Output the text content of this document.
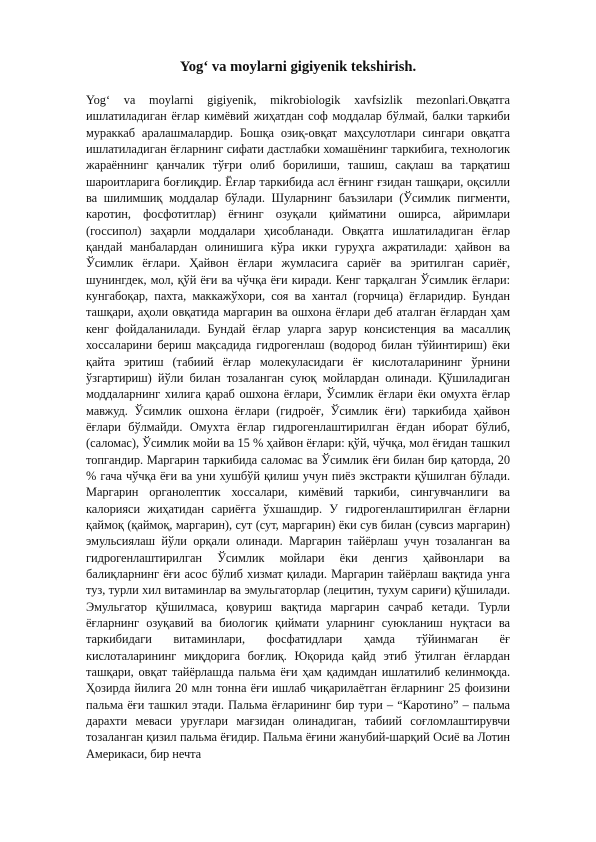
Yog‘ va moylarni gigiyenik tekshirish.

Yog‘ va moylarni gigiyenik, mikrobiologik xavfsizlik mezonlari.Овқатга ишлатиладиган ёғлар кимёвий жиҳатдан соф моддалар бўлмай, балки таркиби мураккаб аралашмалардир. Бошқа озиқ-овқат маҳсулотлари сингари овқатга ишлатиладиган ёғларнинг сифати дастлабки хомашёнинг таркибига, технологик жараённинг қанчалик тўғри олиб борилиши, ташиш, сақлаш ва тарқатиш шароитларига боғлиқдир. Ёғлар таркибида асл ёғнинг ғзидан ташқари, оқсилли ва шилимшиқ моддалар бўлади. Шуларнинг баъзилари (Ўсимлик пигменти, каротин, фосфотитлар) ёғнинг озуқали қийматини оширса, айримлари (госсипол) заҳарли моддалари ҳисобланади. Овқатга ишлатиладиган ёғлар қандай манбалардан олинишига кўра икки гуруҳга ажратилади: ҳайвон ва Ўсимлик ёғлари. Ҳайвон ёғлари жумласига сариёғ ва эритилган сариёғ, шунингдек, мол, қўй ёғи ва чўчқа ёғи киради. Кенг тарқалган Ўсимлик ёғлари: кунгабоқар, пахта, маккажўхори, соя ва хантал (горчица) ёғларидир. Бундан ташқари, аҳоли овқатида маргарин ва ошхона ёғлари деб аталган ёғлардан ҳам кенг фойдаланилади. Бундай ёғлар уларга зарур консистенция ва масаллиқ хоссаларини бериш мақсадида гидрогенлаш (водород билан тўйинтириш) ёки қайта эритиш (табиий ёғлар молекуласидаги ёғ кислоталарининг ўрнини ўзгартириш) йўли билан тозаланган суюқ мойлардан олинади. Қўшиладиган моддаларнинг хилига қараб ошхона ёғлари, Ўсимлик ёғлари ёки омухта ёғлар мавжуд. Ўсимлик ошхона ёғлари (гидроёғ, Ўсимлик ёғи) таркибида ҳайвон ёғлари бўлмайди. Омухта ёғлар гидрогенлаштирилган ёғдан иборат бўлиб, (саломас), Ўсимлик мойи ва 15 % ҳайвон ёғлари: қўй, чўчқа, мол ёғидан ташкил топгандир. Маргарин таркибида саломас ва Ўсимлик ёғи билан бир қаторда, 20 % гача чўчқа ёғи ва уни хушбўй қилиш учун пиёз экстракти қўшилган бўлади. Маргарин органолептик хоссалари, кимёвий таркиби, сингувчанлиги ва калорияси жиҳатидан сариёғга ўхшашдир. У гидрогенлаштирилган ёғларни қаймоқ (қаймоқ, маргарин), сут (сут, маргарин) ёки сув билан (сувсиз маргарин) эмульсиялаш йўли орқали олинади. Маргарин тайёрлаш учун тозаланган ва гидрогенлаштирилган Ўсимлик мойлари ёки денгиз ҳайвонлари ва балиқларнинг ёғи асос бўлиб хизмат қилади. Маргарин тайёрлаш вақтида унга туз, турли хил витаминлар ва эмульгаторлар (лецитин, тухум сариғи) қўшилади. Эмульгатор қўшилмаса, қовуриш вақтида маргарин сачраб кетади. Турли ёғларнинг озуқавий ва биологик қиймати уларнинг суюкланиш нуқтаси ва таркибидаги витаминлари, фосфатидлари ҳамда тўйинмаган ёғ кислоталарининг миқдорига боғлиқ. Юқорида қайд этиб ўтилган ёғлардан ташқари, овқат тайёрлашда пальма ёғи ҳам қадимдан ишлатилиб келинмоқда. Ҳозирда йилига 20 млн тонна ёғи ишлаб чиқарилаётган ёғларнинг 25 фоизини пальма ёғи ташкил этади. Пальма ёғларининг бир тури – “Каротино” – пальма дарахти меваси уруғлари мағзидан олинадиган, табиий соғломлаштирувчи тозаланган қизил пальма ёғидир. Пальма ёғини жанубий-шарқий Осиё ва Лотин Америкаси, бир нечта
